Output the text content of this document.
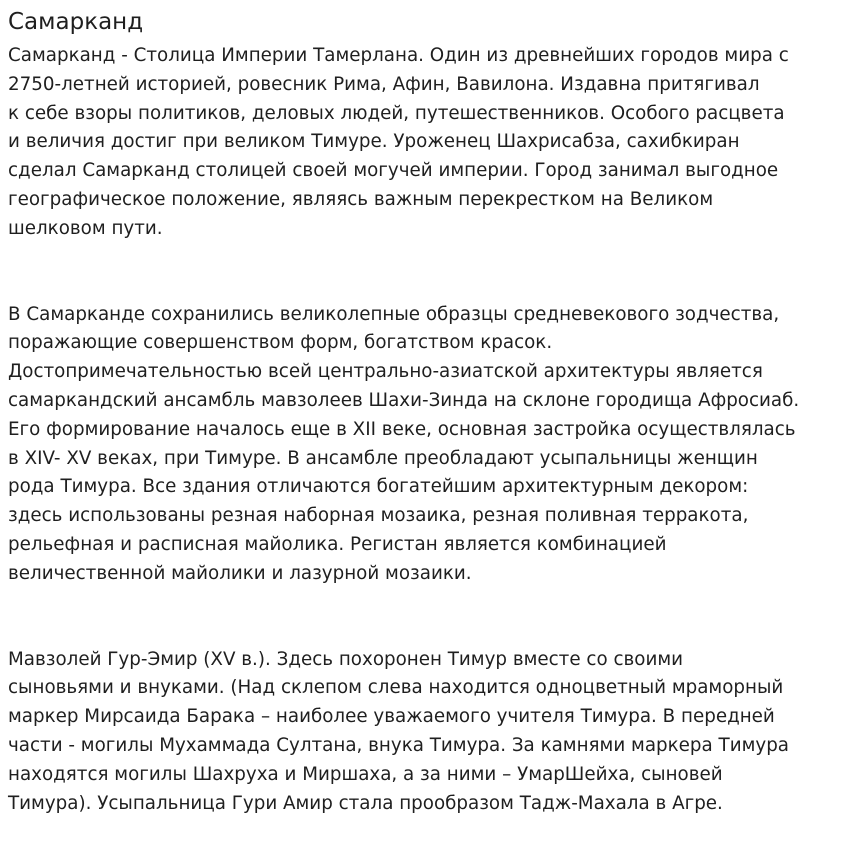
Самарканд

Самарканд - Столица Империи Тамерлана. Один из древнейших городов мира с
2750-летней историей, ровесник Рима, Афин, Вавилона. Издавна притягивал
к себе взоры политиков, деловых людей, путешественников. Особого расцвета
и величия достиг при великом Тимуре. Уроженец Шахрисабза, сахибкиран
сделал Самарканд столицей своей могучей империи. Город занимал выгодное
географическое положение, являясь важным перекрестком на Великом
шелковом пути.

В Самарканде сохранились великолепные образцы средневекового зодчества,
поражающие совершенством форм, богатством красок.
Достопримечательностью всей центрально-азиатской архитектуры является
самаркандский ансамбль мавзолеев Шахи-Зинда на склоне городища Афросиаб.
Его формирование началось еще в XII веке, основная застройка осуществлялась
в XIV- XV веках, при Тимуре. В ансамбле преобладают усыпальницы женщин
рода Тимура. Все здания отличаются богатейшим архитектурным декором:
здесь использованы резная наборная мозаика, резная поливная терракота,
рельефная и расписная майолика. Регистан является комбинацией
величественной майолики и лазурной мозаики.

Мавзолей Гур-Эмир (XV в.). Здесь похоронен Тимур вместе со своими
сыновьями и внуками. (Над склепом слева находится одноцветный мраморный
маркер Мирсаида Барака – наиболее уважаемого учителя Тимура. В передней
части - могилы Мухаммада Султана, внука Тимура. За камнями маркера Тимура
находятся могилы Шахруха и Миршаха, а за ними – УмарШейха, сыновей
Тимура). Усыпальница Гури Амир стала прообразом Тадж-Махала в Агре.
